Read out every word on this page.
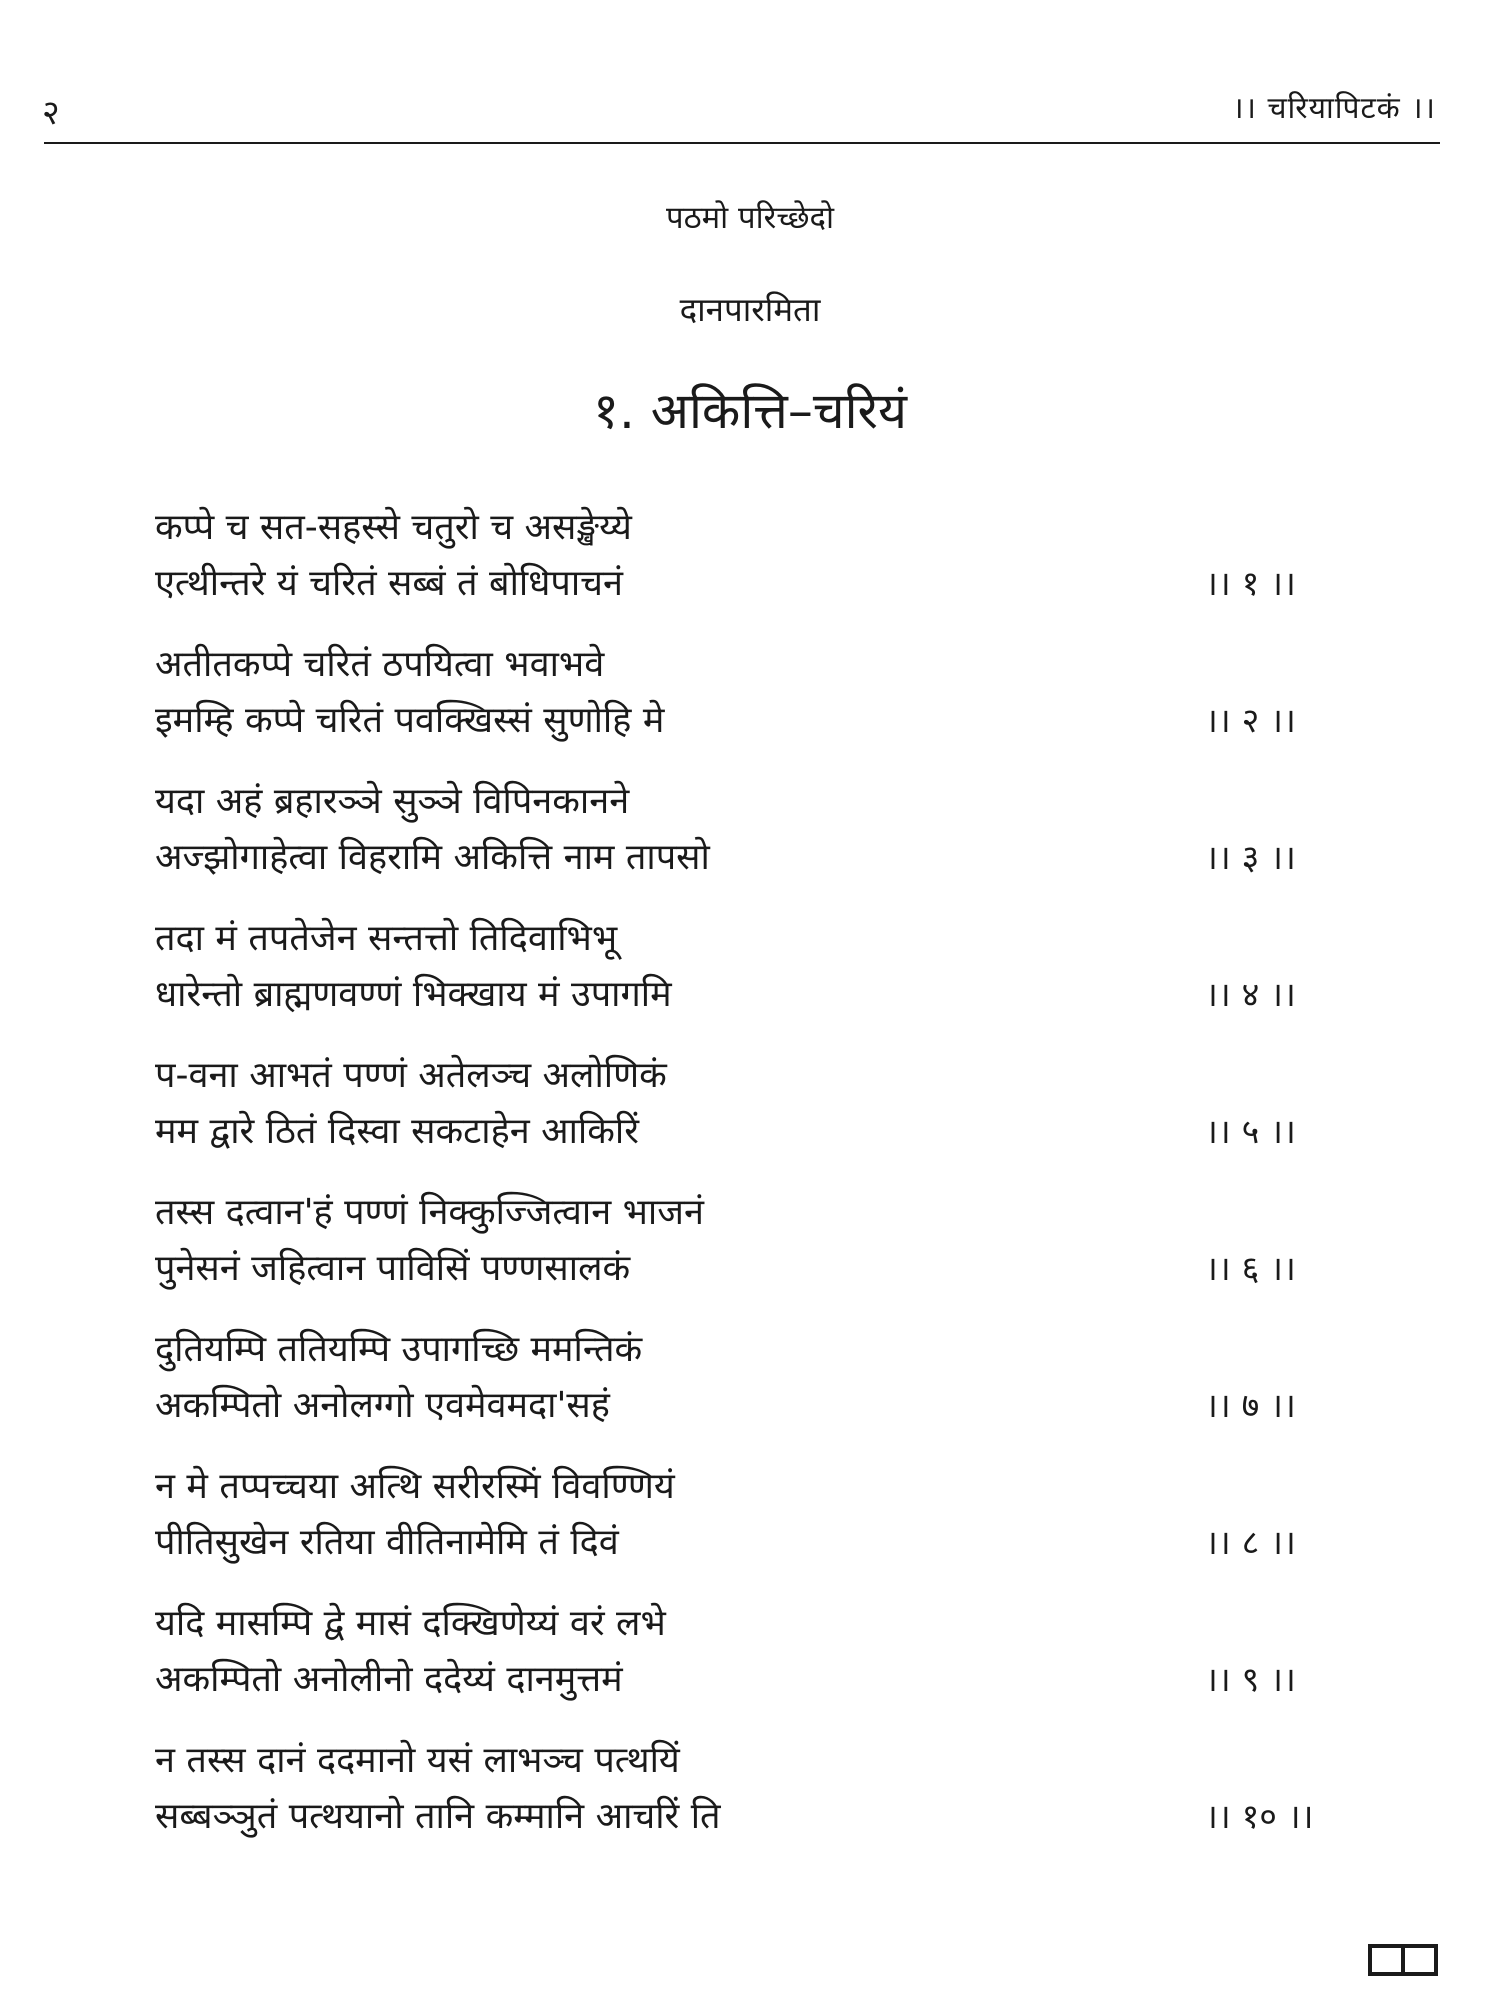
२	।। चरियापिटकं ।।
पठमो परिच्छेदो
दानपारमिता
१. अकित्ति–चरियं
कप्पे च सत-सहस्से चतुरो च असङ्खेय्ये
एत्थीन्तरे यं चरितं सब्बं तं बोधिपाचनं	।। १ ।।
अतीतकप्पे चरितं ठपयित्वा भवाभवे
इमम्हि कप्पे चरितं पवक्खिस्सं सुणोहि मे	।। २ ।।
यदा अहं ब्रहारञ्ञे सुञ्ञे विपिनकानने
अज्झोगाहेत्वा विहरामि अकित्ति नाम तापसो	।। ३ ।।
तदा मं तपतेजेन सन्तत्तो तिदिवाभिभू
धारेन्तो ब्राह्मणवण्णं भिक्खाय मं उपागमि	।। ४ ।।
प-वना आभतं पण्णं अतेलञ्च अलोणिकं
मम द्वारे ठितं दिस्वा सकटाहेन आकिरिं	।। ५ ।।
तस्स दत्वान'हं पण्णं निक्कुज्जित्वान भाजनं
पुनेसनं जहित्वान पाविसिं पण्णसालकं	।। ६ ।।
दुतियम्पि ततियम्पि उपागच्छि ममन्तिकं
अकम्पितो अनोलग्गो एवमेवमदा'सहं	।। ७ ।।
न मे तप्पच्चया अत्थि सरीरस्मिं विवण्णियं
पीतिसुखेन रतिया वीतिनामेमि तं दिवं	।। ८ ।।
यदि मासम्पि द्वे मासं दक्खिणेय्यं वरं लभे
अकम्पितो अनोलीनो ददेय्यं दानमुत्तमं	।। ९ ।।
न तस्स दानं ददमानो यसं लाभञ्च पत्थयिं
सब्बञ्ञुतं पत्थयानो तानि कम्मानि आचरिं ति	।। १० ।।
